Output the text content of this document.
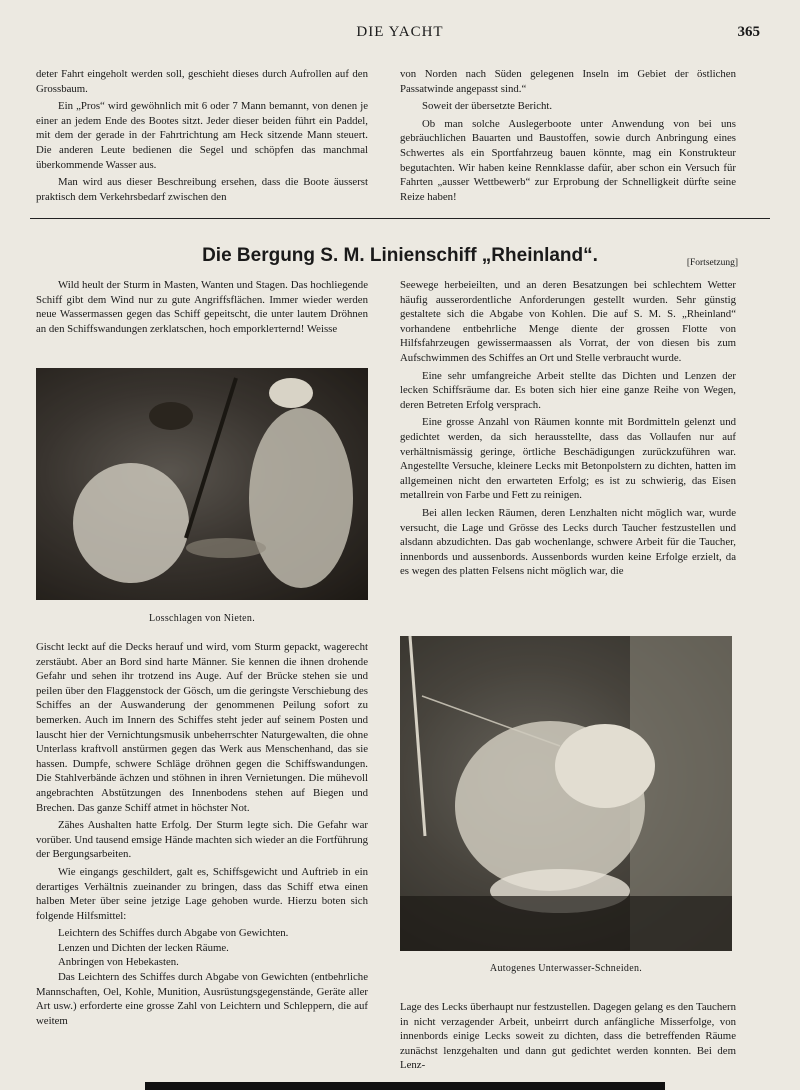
DIE YACHT	365

deter Fahrt eingeholt werden soll, geschieht dieses durch Aufrollen auf den Grossbaum.

Ein „Pros“ wird gewöhnlich mit 6 oder 7 Mann bemannt, von denen je einer an jedem Ende des Bootes sitzt. Jeder dieser beiden führt ein Paddel, mit dem der gerade in der Fahrtrichtung am Heck sitzende Mann steuert. Die anderen Leute bedienen die Segel und schöpfen das manchmal überkommende Wasser aus.

Man wird aus dieser Beschreibung ersehen, dass die Boote äusserst praktisch dem Verkehrsbedarf zwischen den

von Norden nach Süden gelegenen Inseln im Gebiet der östlichen Passatwinde angepasst sind.“

Soweit der übersetzte Bericht.

Ob man solche Auslegerboote unter Anwendung von bei uns gebräuchlichen Bauarten und Baustoffen, sowie durch Anbringung eines Schwertes als ein Sportfahrzeug bauen könnte, mag ein Konstrukteur begutachten. Wir haben keine Rennklasse dafür, aber schon ein Versuch für Fahrten „ausser Wettbewerb“ zur Erprobung der Schnelligkeit dürfte seine Reize haben!

Die Bergung S. M. Linienschiff „Rheinland“.	[Fortsetzung]

Wild heult der Sturm in Masten, Wanten und Stagen. Das hochliegende Schiff gibt dem Wind nur zu gute Angriffsflächen. Immer wieder werden neue Wassermassen gegen das Schiff gepeitscht, die unter lautem Dröhnen an den Schiffswandungen zerklatschen, hoch emporklетternd! Weisse

Losschlagen von Nieten.

Gischt leckt auf die Decks herauf und wird, vom Sturm gepackt, wagerecht zerstäubt. Aber an Bord sind harte Männer. Sie kennen die ihnen drohende Gefahr und sehen ihr trotzend ins Auge. Auf der Brücke stehen sie und peilen über den Flaggenstock der Gösch, um die geringste Verschiebung des Schiffes an der Auswanderung der genommenen Peilung sofort zu bemerken. Auch im Innern des Schiffes steht jeder auf seinem Posten und lauscht hier der Vernichtungsmusik unbeherrschter Naturgewalten, die ohne Unterlass kraftvoll anstürmen gegen das Werk aus Menschenhand, das sie hassen. Dumpfe, schwere Schläge dröhnen gegen die Schiffswandungen. Die Stahlverbände ächzen und stöhnen in ihren Vernietungen. Die mühevoll angebrachten Abstützungen des Innenbodens stehen auf Biegen und Brechen. Das ganze Schiff atmet in höchster Not.

Zähes Aushalten hatte Erfolg. Der Sturm legte sich. Die Gefahr war vorüber. Und tausend emsige Hände machten sich wieder an die Fortführung der Bergungsarbeiten.

Wie eingangs geschildert, galt es, Schiffsgewicht und Auftrieb in ein derartiges Verhältnis zueinander zu bringen, dass das Schiff etwa einen halben Meter über seine jetzige Lage gehoben wurde. Hierzu boten sich folgende Hilfsmittel:

Leichtern des Schiffes durch Abgabe von Gewichten.

Lenzen und Dichten der lecken Räume.

Anbringen von Hebekasten.

Das Leichtern des Schiffes durch Abgabe von Gewichten (entbehrliche Mannschaften, Oel, Kohle, Munition, Ausrüstungsgegenstände, Geräte aller Art usw.) erforderte eine grosse Zahl von Leichtern und Schleppern, die auf weitem

Seewege herbeieilten, und an deren Besatzungen bei schlechtem Wetter häufig ausserordentliche Anforderungen gestellt wurden. Sehr günstig gestaltete sich die Abgabe von Kohlen. Die auf S. M. S. „Rheinland“ vorhandene entbehrliche Menge diente der grossen Flotte von Hilfsfahrzeugen gewissermaassen als Vorrat, der von diesen bis zum Aufschwimmen des Schiffes an Ort und Stelle verbraucht wurde.

Eine sehr umfangreiche Arbeit stellte das Dichten und Lenzen der lecken Schiffsräume dar. Es boten sich hier eine ganze Reihe von Wegen, deren Betreten Erfolg versprach.

Eine grosse Anzahl von Räumen konnte mit Bordmitteln gelenzt und gedichtet werden, da sich herausstellte, dass das Vollaufen nur auf verhältnismässig geringe, örtliche Beschädigungen zurückzuführen war. Angestellte Versuche, kleinere Lecks mit Betonpolstern zu dichten, hatten im allgemeinen nicht den erwarteten Erfolg; es ist zu schwierig, das Eisen metallrein von Farbe und Fett zu reinigen.

Bei allen lecken Räumen, deren Lenzhalten nicht möglich war, wurde versucht, die Lage und Grösse des Lecks durch Taucher festzustellen und alsdann abzudichten. Das gab wochenlange, schwere Arbeit für die Taucher, innenbords und aussenbords. Aussenbords wurden keine Erfolge erzielt, da es wegen des platten Felsens nicht möglich war, die

Autogenes Unterwasser-Schneiden.

Lage des Lecks überhaupt nur festzustellen. Dagegen gelang es den Tauchern in nicht verzagender Arbeit, unbeirrt durch anfängliche Misserfolge, von innenbords einige Lecks soweit zu dichten, dass die betreffenden Räume zunächst lenzgehalten und dann gut gedichtet werden konnten. Bei dem Lenz-
